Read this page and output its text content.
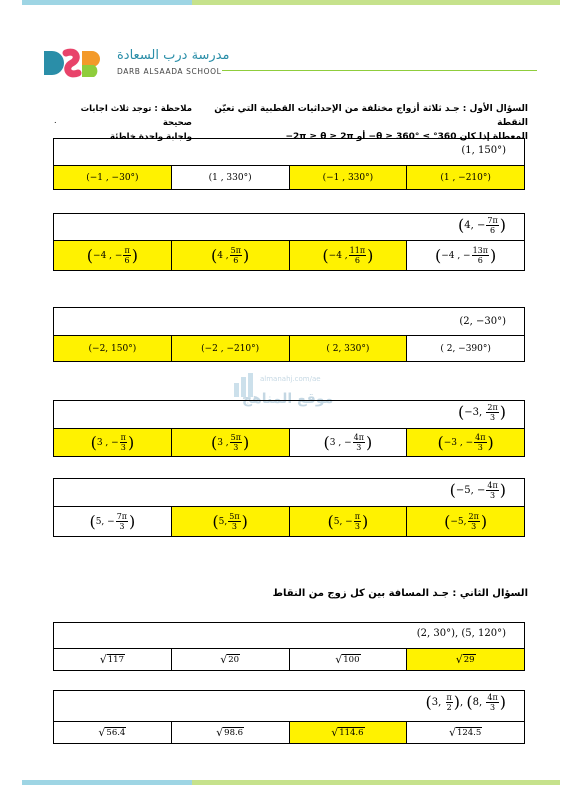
مدرسة درب السعادة
DARB ALSAADA SCHOOL
almanahj.com/ae
موقع المناهج
السؤال الأول : جـد ثلاثة أزواج مختلفة من الإحداثيات القطبية التي تعيّن النقطة
المعطاة إذا كان 360° ≥ θ ≥ 360°− أو 2π ≥ θ ≥ 2π−
ملاحظة : توجد ثلاث اجابات صحيحة
واجابة واحدة خاطئة
.
(1, 150°)
(−1 , −30°)	(1 , 330°)	(−1 , 330°)	(1 , −210°)
(4, − $\frac{7\pi}{6}$ )
( −4 , − $\frac{\pi}{6}$ )	( 4 , $\frac{5\pi}{6}$ )	( −4 , $\frac{11\pi}{6}$ )	( −4 , − $\frac{13\pi}{6}$ )
(2, −30°)
(−2, 150°)	(−2 , −210°)	( 2, 330°)	( 2, −390°)
(−3, $\frac{2\pi}{3}$ )
( 3 , − $\frac{\pi}{3}$ )	( 3 , $\frac{5\pi}{3}$ )	( 3 , − $\frac{4\pi}{3}$ )	( −3 , − $\frac{4\pi}{3}$ )
(−5, − $\frac{4\pi}{3}$ )
( 5, − $\frac{7\pi}{3}$ )	( 5, $\frac{5\pi}{3}$ )	( 5, − $\frac{\pi}{3}$ )	( −5, $\frac{2\pi}{3}$ )
السؤال الثاني : جـد المسافة بين كل زوج من النقاط
(2, 30°), (5, 120°)
√ 117	√ 20	√ 100	√ 29
(3, $\frac{\pi}{2}$ ), (8, $\frac{4\pi}{3}$ )
√ 56.4	√ 98.6	√ 114.6	√ 124.5
